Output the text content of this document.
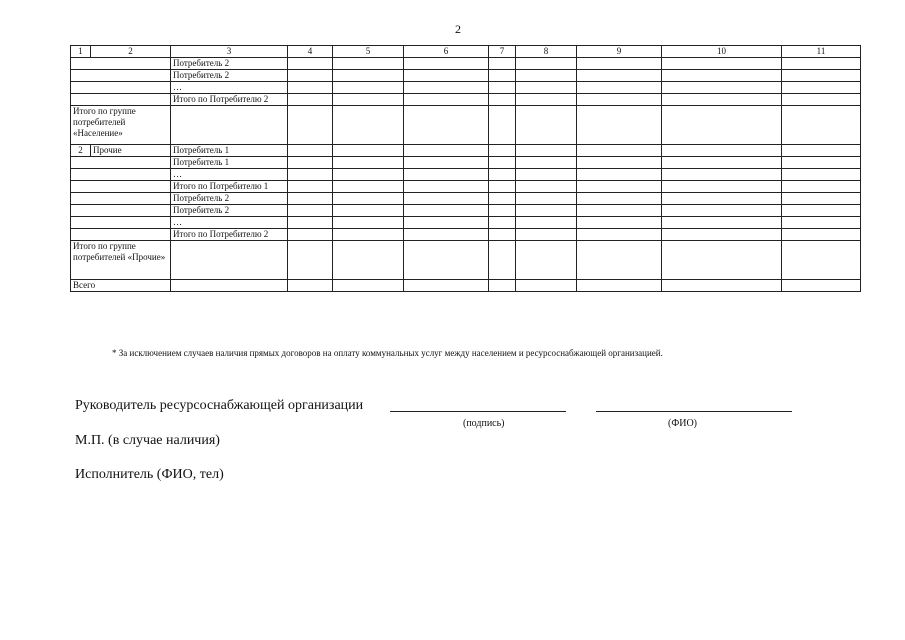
2
1	2	3	4	5	6	7	8	9	10	11
		Потребитель 2								
		Потребитель 2								
		…								
		Итого по Потребителю 2								
Итого по группе потребителей «Население»										
2	Прочие	Потребитель 1								
		Потребитель 1								
		…								
		Итого по Потребителю 1								
		Потребитель 2								
		Потребитель 2								
		…								
		Итого по Потребителю 2								
Итого по группе потребителей «Прочие»										
Всего										
* За исключением случаев наличия прямых договоров на оплату коммунальных услуг между населением и ресурсоснабжающей организацией.
Руководитель ресурсоснабжающей организации
(подпись)	(ФИО)
М.П. (в случае наличия)
Исполнитель (ФИО, тел)
